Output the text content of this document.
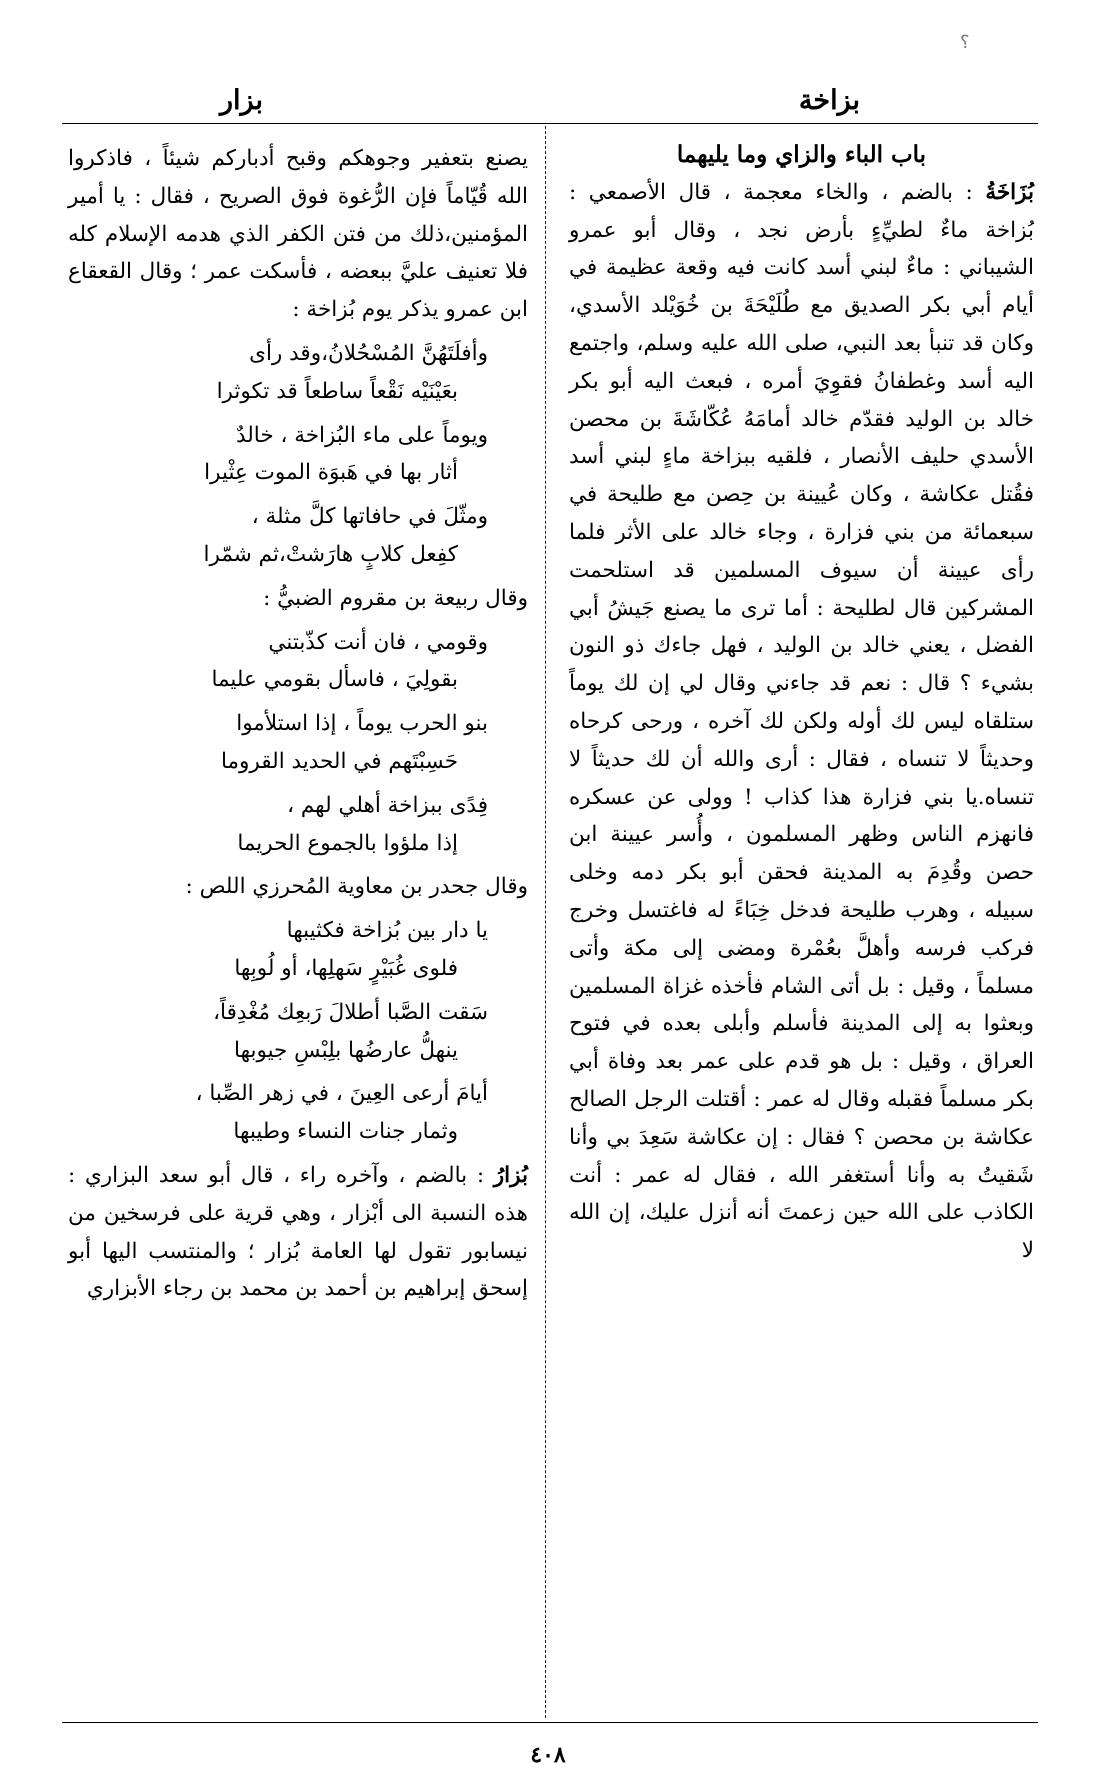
؟
بزاخة
بزار

باب الباء والزاي وما يليهما

بُزَاخَةُ : بالضم ، والخاء معجمة ، قال الأصمعي : بُزاخة ماءٌ لطيِّءٍ بأرض نجد ، وقال أبو عمرو الشيباني : ماءٌ لبني أسد كانت فيه وقعة عظيمة في أيام أبي بكر الصديق مع طُلَيْحَةَ بن خُوَيْلد الأسدي، وكان قد تنبأ بعد النبي، صلى الله عليه وسلم، واجتمع اليه أسد وغطفانُ فقوِيَ أمره ، فبعث اليه أبو بكر خالد بن الوليد فقدّم خالد أمامَهُ عُكّاشَةَ بن محصن الأسدي حليف الأنصار ، فلقيه ببزاخة ماءٍ لبني أسد فقُتل عكاشة ، وكان عُيينة بن حِصن مع طليحة في سبعمائة من بني فزارة ، وجاء خالد على الأثر فلما رأى عيينة أن سيوف المسلمين قد استلحمت المشركين قال لطليحة : أما ترى ما يصنع جَيشُ أبي الفضل ، يعني خالد بن الوليد ، فهل جاءك ذو النون بشيء ؟ قال : نعم قد جاءني وقال لي إن لك يوماً ستلقاه ليس لك أوله ولكن لك آخره ، ورحى كرحاه وحديثاً لا تنساه ، فقال : أرى والله أن لك حديثاً لا تنساه.يا بني فزارة هذا كذاب ! وولى عن عسكره فانهزم الناس وظهر المسلمون ، وأُسر عيينة ابن حصن وقُدِمَ به المدينة فحقن أبو بكر دمه وخلى سبيله ، وهرب طليحة فدخل خِبَاءً له فاغتسل وخرج فركب فرسه وأهلَّ بعُمْرة ومضى إلى مكة وأتى مسلماً ، وقيل : بل أتى الشام فأخذه غزاة المسلمين وبعثوا به إلى المدينة فأسلم وأبلى بعده في فتوح العراق ، وقيل : بل هو قدم على عمر بعد وفاة أبي بكر مسلماً فقبله وقال له عمر : أقتلت الرجل الصالح عكاشة بن محصن ؟ فقال : إن عكاشة سَعِدَ بي وأنا شَقيتُ به وأنا أستغفر الله ، فقال له عمر : أنت الكاذب على الله حين زعمتَ أنه أنزل عليك، إن الله لا

يصنع بتعفير وجوهكم وقبح أدباركم شيئاً ، فاذكروا الله قُيّاماً فإن الرُّغوة فوق الصريح ، فقال : يا أمير المؤمنين،ذلك من فتن الكفر الذي هدمه الإسلام كله فلا تعنيف عليَّ ببعضه ، فأسكت عمر ؛ وقال القعقاع ابن عمرو يذكر يوم بُزاخة :

وأفلَتَهُنَّ المُسْحُلانُ،وقد رأى
بعَيْنَيْه نَقْعاً ساطعاً قد تكوثرا
ويوماً على ماء البُزاخة ، خالدٌ
أثار بها في هَبوَة الموت عِثْيرا
ومثّلَ في حافاتها كلَّ مثلة ،
كفِعل كلابٍ هارَشتْ،ثم شمّرا

وقال ربيعة بن مقروم الضبيُّ :

وقومي ، فان أنت كذّبتني
بقولِيَ ، فاسأل بقومي عليما
بنو الحرب يوماً ، إذا استلأموا
حَسِبْتَهم في الحديد القروما
فِدًى ببزاخة أهلي لهم ،
إذا ملؤوا بالجموع الحريما

وقال جحدر بن معاوية المُحرزي اللص :

يا دار بين بُزاخة فكثيبها
فلوى غُبَيْرٍ سَهلِها، أو لُوبِها
سَقت الصَّبا أطلالَ رَبعِك مُغْدِقاً،
ينهلُّ عارضُها بلِبْسِ جيوبها
أيامَ أرعى العِينَ ، في زهر الصِّبا ،
وثمار جنات النساء وطيبها

بُزارُ : بالضم ، وآخره راء ، قال أبو سعد البزاري : هذه النسبة الى أبْزار ، وهي قرية على فرسخين من نيسابور تقول لها العامة بُزار ؛ والمنتسب اليها أبو إسحق إبراهيم بن أحمد بن محمد بن رجاء الأبزاري

٤٠٨
